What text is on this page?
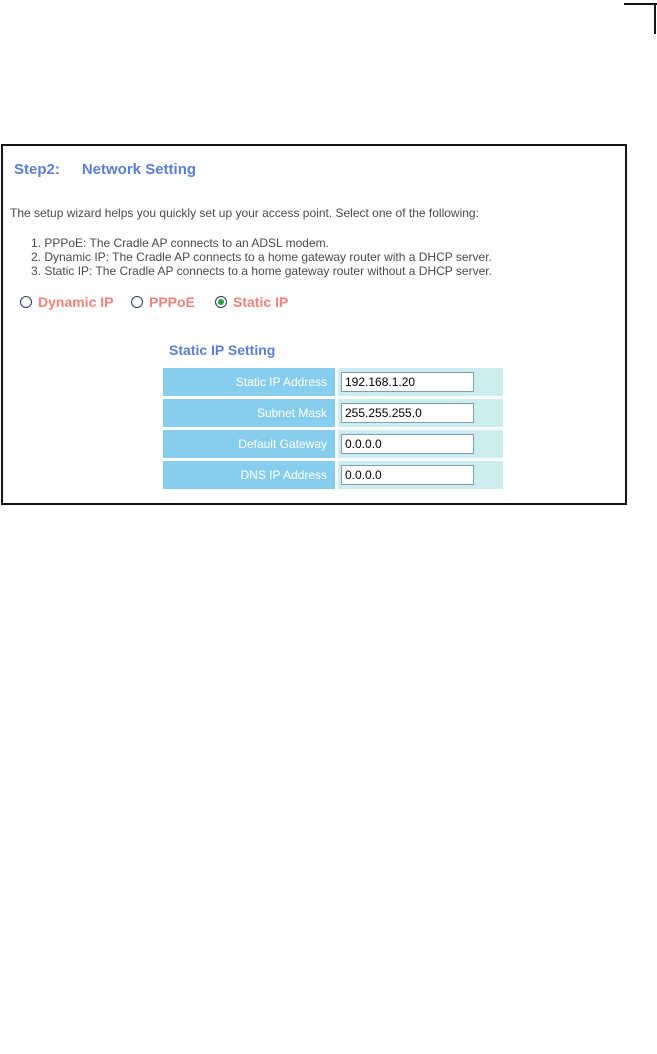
Step2: Network Setting
The setup wizard helps you quickly set up your access point. Select one of the following:
1. PPPoE: The Cradle AP connects to an ADSL modem.
2. Dynamic IP: The Cradle AP connects to a home gateway router with a DHCP server.
3. Static IP: The Cradle AP connects to a home gateway router without a DHCP server.
Dynamic IP	PPPoE	Static IP
Static IP Setting
Static IP Address
192.168.1.20
Subnet Mask
255.255.255.0
Default Gateway
0.0.0.0
DNS IP Address
0.0.0.0
